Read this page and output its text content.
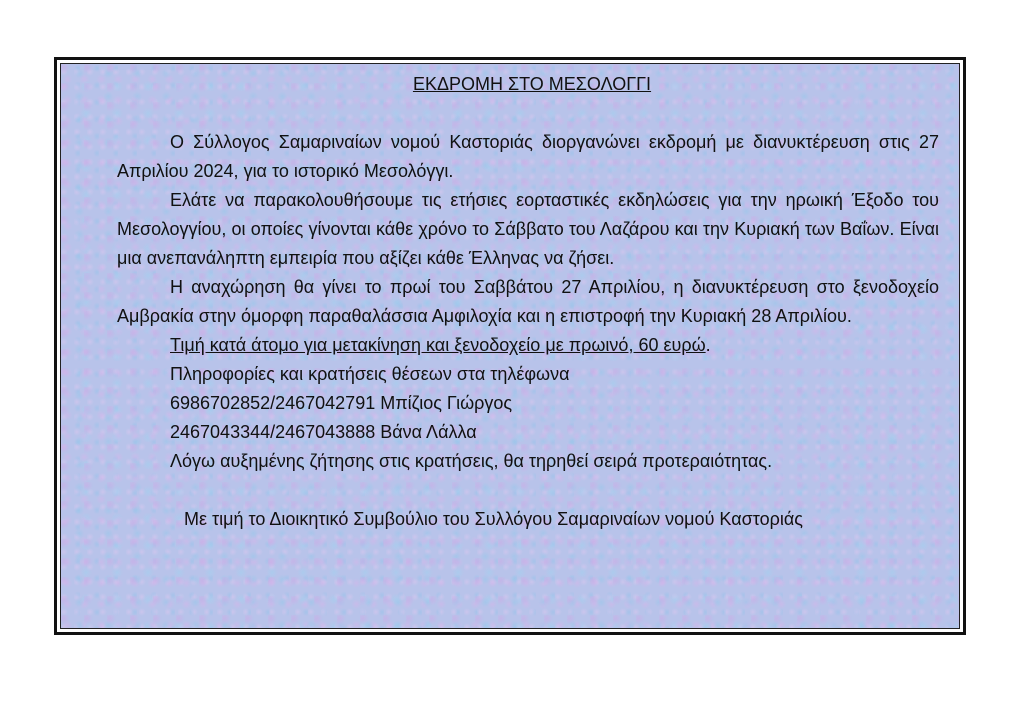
ΕΚΔΡΟΜΗ ΣΤΟ ΜΕΣΟΛΟΓΓΙ

Ο Σύλλογος Σαμαριναίων νομού Καστοριάς διοργανώνει εκδρομή με διανυκτέρευση στις 27 Απριλίου 2024, για το ιστορικό Μεσολόγγι.

Ελάτε να παρακολουθήσουμε τις ετήσιες εορταστικές εκδηλώσεις για την ηρωική Έξοδο του Μεσολογγίου, οι οποίες γίνονται κάθε χρόνο το Σάββατο του Λαζάρου και την Κυριακή των Βαΐων. Είναι μια ανεπανάληπτη εμπειρία που αξίζει κάθε Έλληνας να ζήσει.

Η αναχώρηση θα γίνει το πρωί του Σαββάτου 27 Απριλίου, η διανυκτέρευση στο ξενοδοχείο Αμβρακία στην όμορφη παραθαλάσσια Αμφιλοχία και η επιστροφή την Κυριακή 28 Απριλίου.

Τιμή κατά άτομο για μετακίνηση και ξενοδοχείο με πρωινό, 60 ευρώ.

Πληροφορίες και κρατήσεις θέσεων στα τηλέφωνα

6986702852/2467042791 Μπίζιος Γιώργος

2467043344/2467043888 Βάνα Λάλλα

Λόγω αυξημένης ζήτησης στις κρατήσεις, θα τηρηθεί σειρά προτεραιότητας.

Με τιμή το Διοικητικό Συμβούλιο του Συλλόγου Σαμαριναίων νομού Καστοριάς
